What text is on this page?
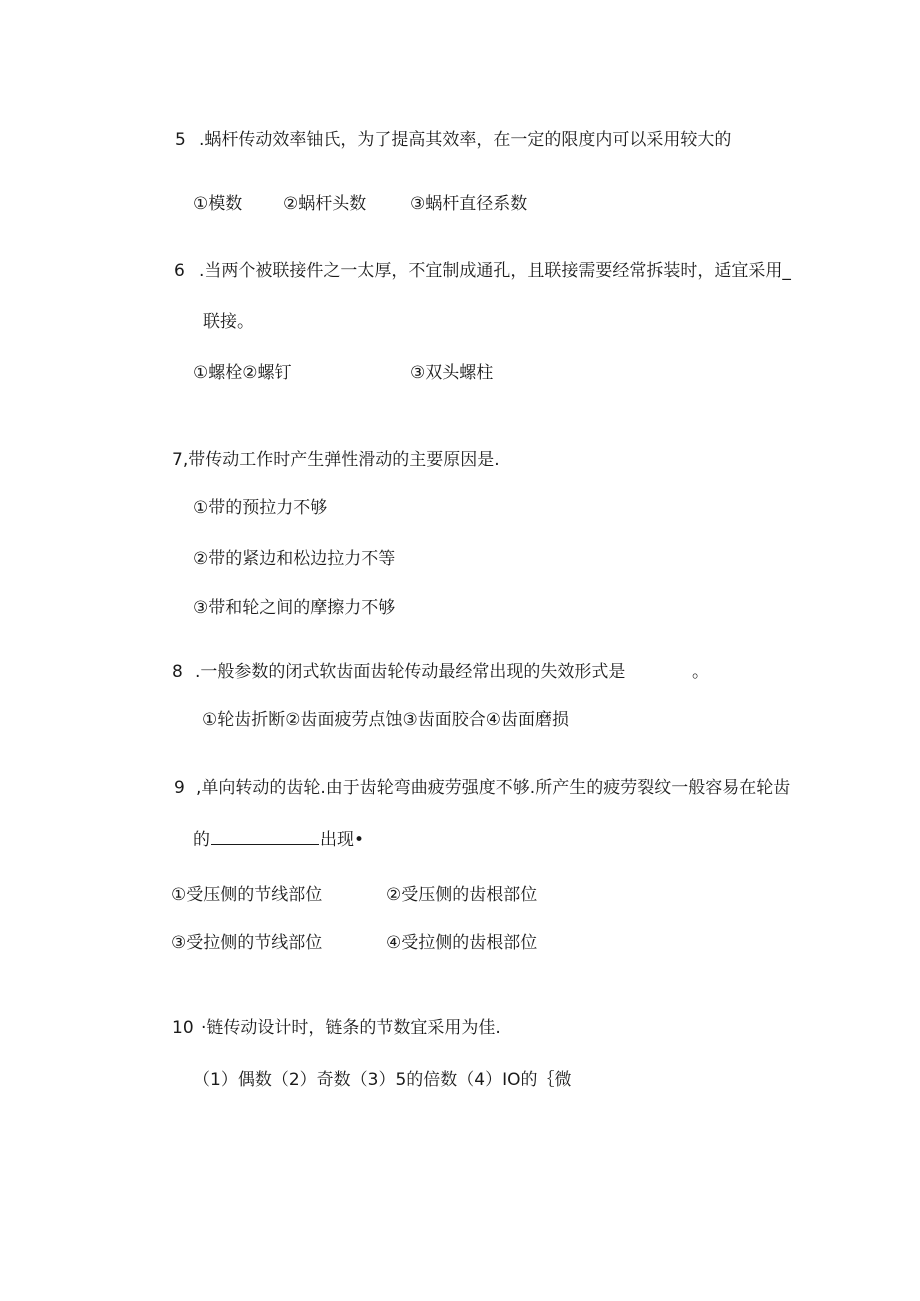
5 .蜗杆传动效率铀氏，为了提高其效率，在一定的限度内可以采用较大的
①模数 ②蜗杆头数	③蜗杆直径系数
6 .当两个被联接件之一太厚，不宜制成通孔，且联接需要经常拆装时，适宜采用_
联接。
①螺栓②螺钉	③双头螺柱
7,带传动工作时产生弹性滑动的主要原因是.
①带的预拉力不够
②带的紧边和松边拉力不等
③带和轮之间的摩擦力不够
8 .一般参数的闭式软齿面齿轮传动最经常出现的失效形式是	。
①轮齿折断②齿面疲劳点蚀③齿面胶合④齿面磨损
9 ,单向转动的齿轮.由于齿轮弯曲疲劳强度不够.所产生的疲劳裂纹一般容易在轮齿
的	出现•
①受压侧的节线部位	②受压侧的齿根部位
③受拉侧的节线部位	④受拉侧的齿根部位
10 ·链传动设计时，链条的节数宜采用为佳.
（1）偶数（2）奇数（3）5的倍数（4）IO的｛微
